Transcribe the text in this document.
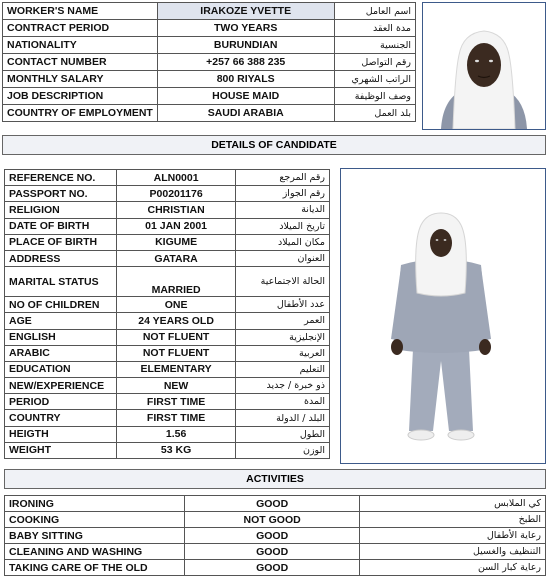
WORKER'S NAME	IRAKOZE YVETTE	اسم العامل
CONTRACT PERIOD	TWO YEARS	مدة العقد
NATIONALITY	BURUNDIAN	الجنسية
CONTACT NUMBER	+257 66 388 235	رقم التواصل
MONTHLY SALARY	800 RIYALS	الراتب الشهري
JOB DESCRIPTION	HOUSE MAID	وصف الوظيفة
COUNTRY OF EMPLOYMENT	SAUDI ARABIA	بلد العمل
DETAILS OF CANDIDATE
REFERENCE NO.	ALN0001	رقم المرجع
PASSPORT NO.	P00201176	رقم الجواز
RELIGION	CHRISTIAN	الديانة
DATE OF BIRTH	01 JAN 2001	تاريخ الميلاد
PLACE OF BIRTH	KIGUME	مكان الميلاد
ADDRESS	GATARA	العنوان
MARITAL STATUS	MARRIED	الحالة الاجتماعية
NO OF CHILDREN	ONE	عدد الأطفال
AGE	24 YEARS OLD	العمر
ENGLISH	NOT FLUENT	الإنجليزية
ARABIC	NOT FLUENT	العربية
EDUCATION	ELEMENTARY	التعليم
NEW/EXPERIENCE	NEW	ذو خبرة / جديد
PERIOD	FIRST TIME	المدة
COUNTRY	FIRST TIME	البلد / الدولة
HEIGTH	1.56	الطول
WEIGHT	53 KG	الوزن
ACTIVITIES
IRONING	GOOD	كي الملابس
COOKING	NOT GOOD	الطبخ
BABY SITTING	GOOD	رعاية الأطفال
CLEANING AND WASHING	GOOD	التنظيف والغسيل
TAKING CARE OF THE OLD	GOOD	رعاية كبار السن
